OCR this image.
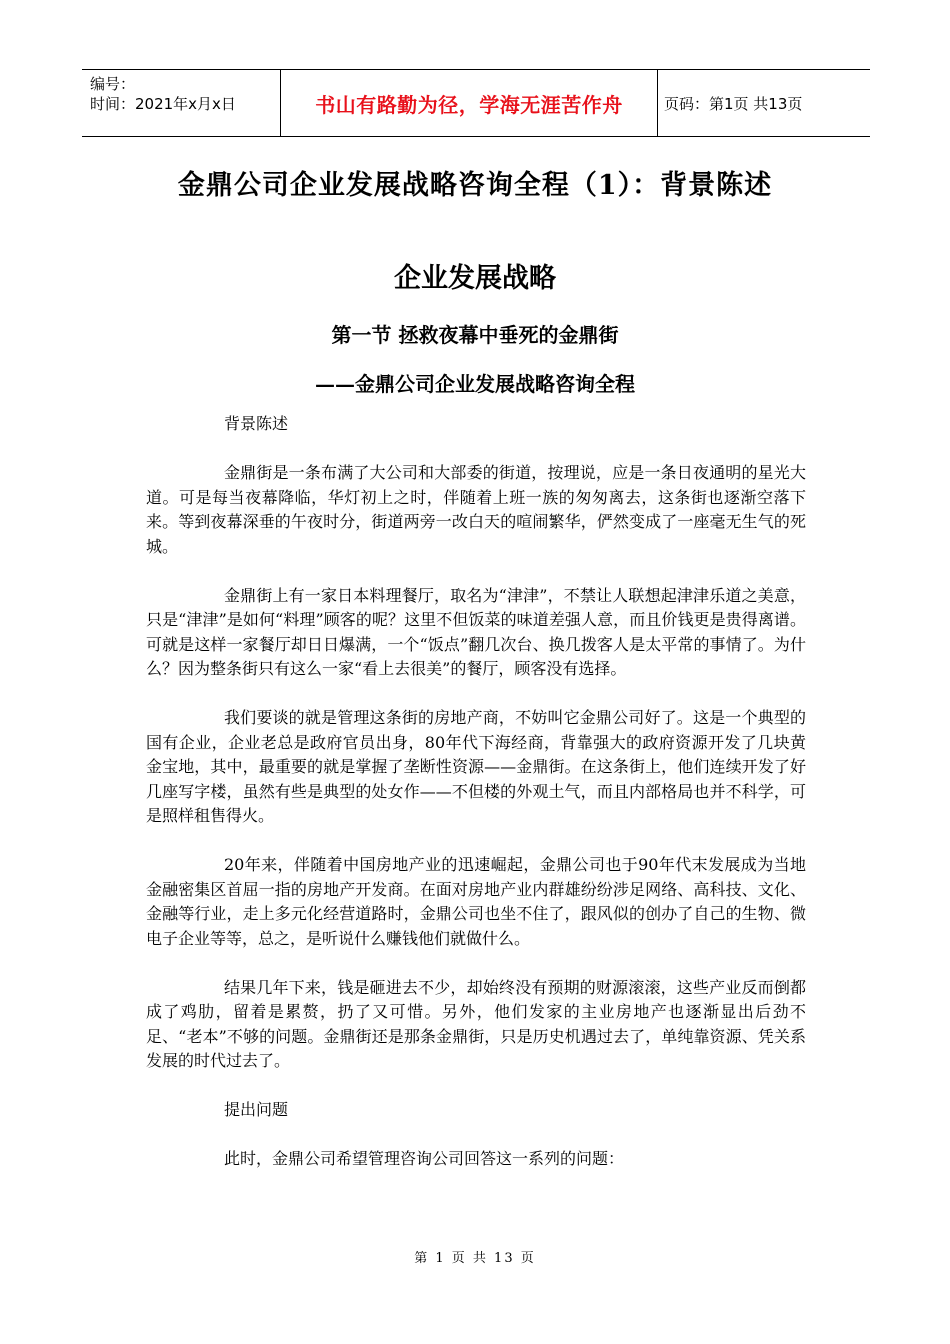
编号：
时间：2021年x月x日	书山有路勤为径，学海无涯苦作舟	页码：第1页 共13页
金鼎公司企业发展战略咨询全程（1）：背景陈述
企业发展战略
第一节 拯救夜幕中垂死的金鼎街
——金鼎公司企业发展战略咨询全程

背景陈述

金鼎街是一条布满了大公司和大部委的街道，按理说，应是一条日夜通明的星光大道。可是每当夜幕降临，华灯初上之时，伴随着上班一族的匆匆离去，这条街也逐渐空落下来。等到夜幕深垂的午夜时分，街道两旁一改白天的喧闹繁华，俨然变成了一座毫无生气的死城。

金鼎街上有一家日本料理餐厅，取名为“津津”，不禁让人联想起津津乐道之美意，只是“津津”是如何“料理”顾客的呢？这里不但饭菜的味道差强人意，而且价钱更是贵得离谱。可就是这样一家餐厅却日日爆满，一个“饭点”翻几次台、换几拨客人是太平常的事情了。为什么？因为整条街只有这么一家“看上去很美”的餐厅，顾客没有选择。

我们要谈的就是管理这条街的房地产商，不妨叫它金鼎公司好了。这是一个典型的国有企业，企业老总是政府官员出身，80年代下海经商，背靠强大的政府资源开发了几块黄金宝地，其中，最重要的就是掌握了垄断性资源——金鼎街。在这条街上，他们连续开发了好几座写字楼，虽然有些是典型的处女作——不但楼的外观土气，而且内部格局也并不科学，可是照样租售得火。

20年来，伴随着中国房地产业的迅速崛起，金鼎公司也于90年代末发展成为当地金融密集区首屈一指的房地产开发商。在面对房地产业内群雄纷纷涉足网络、高科技、文化、金融等行业，走上多元化经营道路时，金鼎公司也坐不住了，跟风似的创办了自己的生物、微电子企业等等，总之，是听说什么赚钱他们就做什么。

结果几年下来，钱是砸进去不少，却始终没有预期的财源滚滚，这些产业反而倒都成了鸡肋，留着是累赘，扔了又可惜。另外，他们发家的主业房地产也逐渐显出后劲不足、“老本”不够的问题。金鼎街还是那条金鼎街，只是历史机遇过去了，单纯靠资源、凭关系发展的时代过去了。

提出问题

此时，金鼎公司希望管理咨询公司回答这一系列的问题：

第 1 页 共 13 页
